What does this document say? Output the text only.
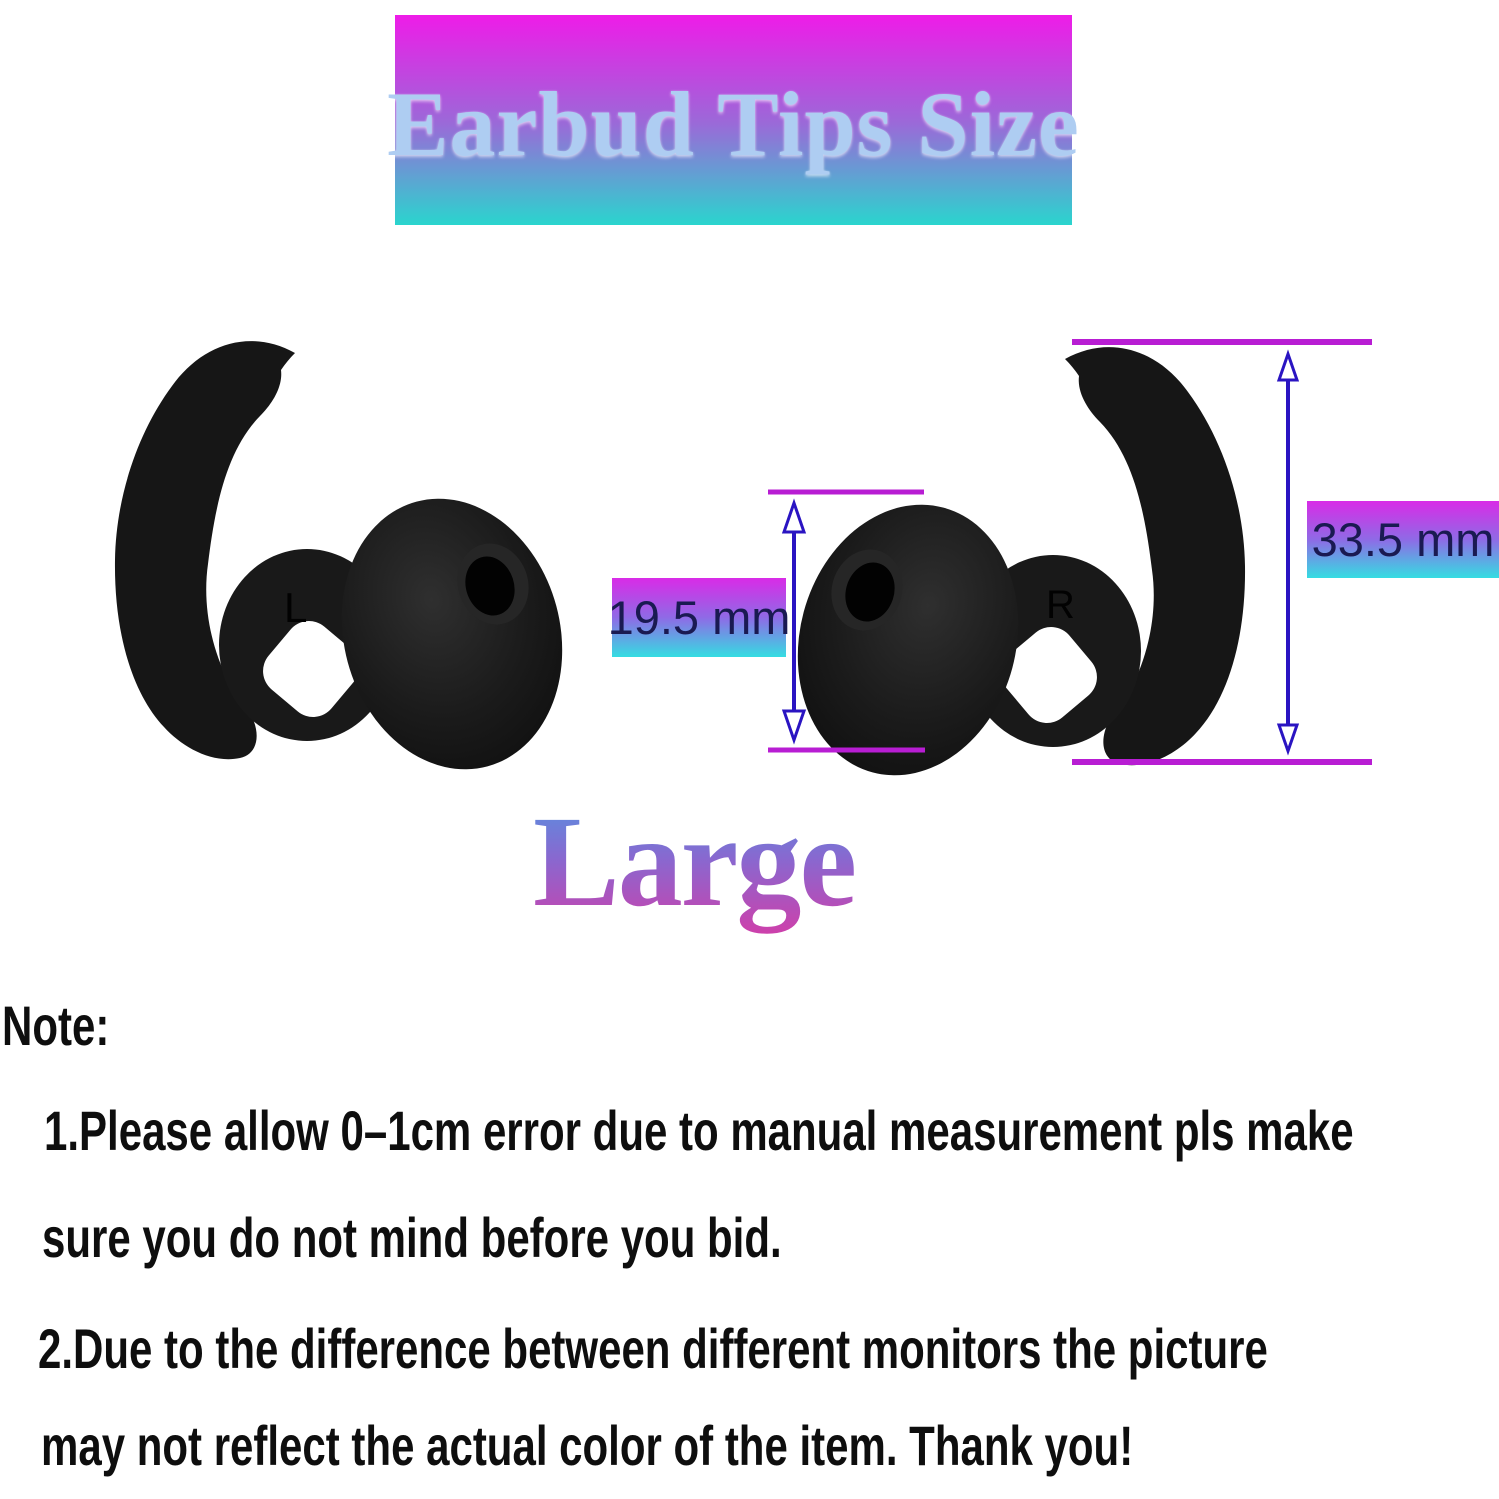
Earbud Tips Size
L	R
19.5 mm
33.5 mm
Large
Note:
1.Please allow 0–1cm error due to manual measurement pls make
sure you do not mind before you bid.
2.Due to the difference between different monitors the picture
may not reflect the actual color of the item. Thank you!
